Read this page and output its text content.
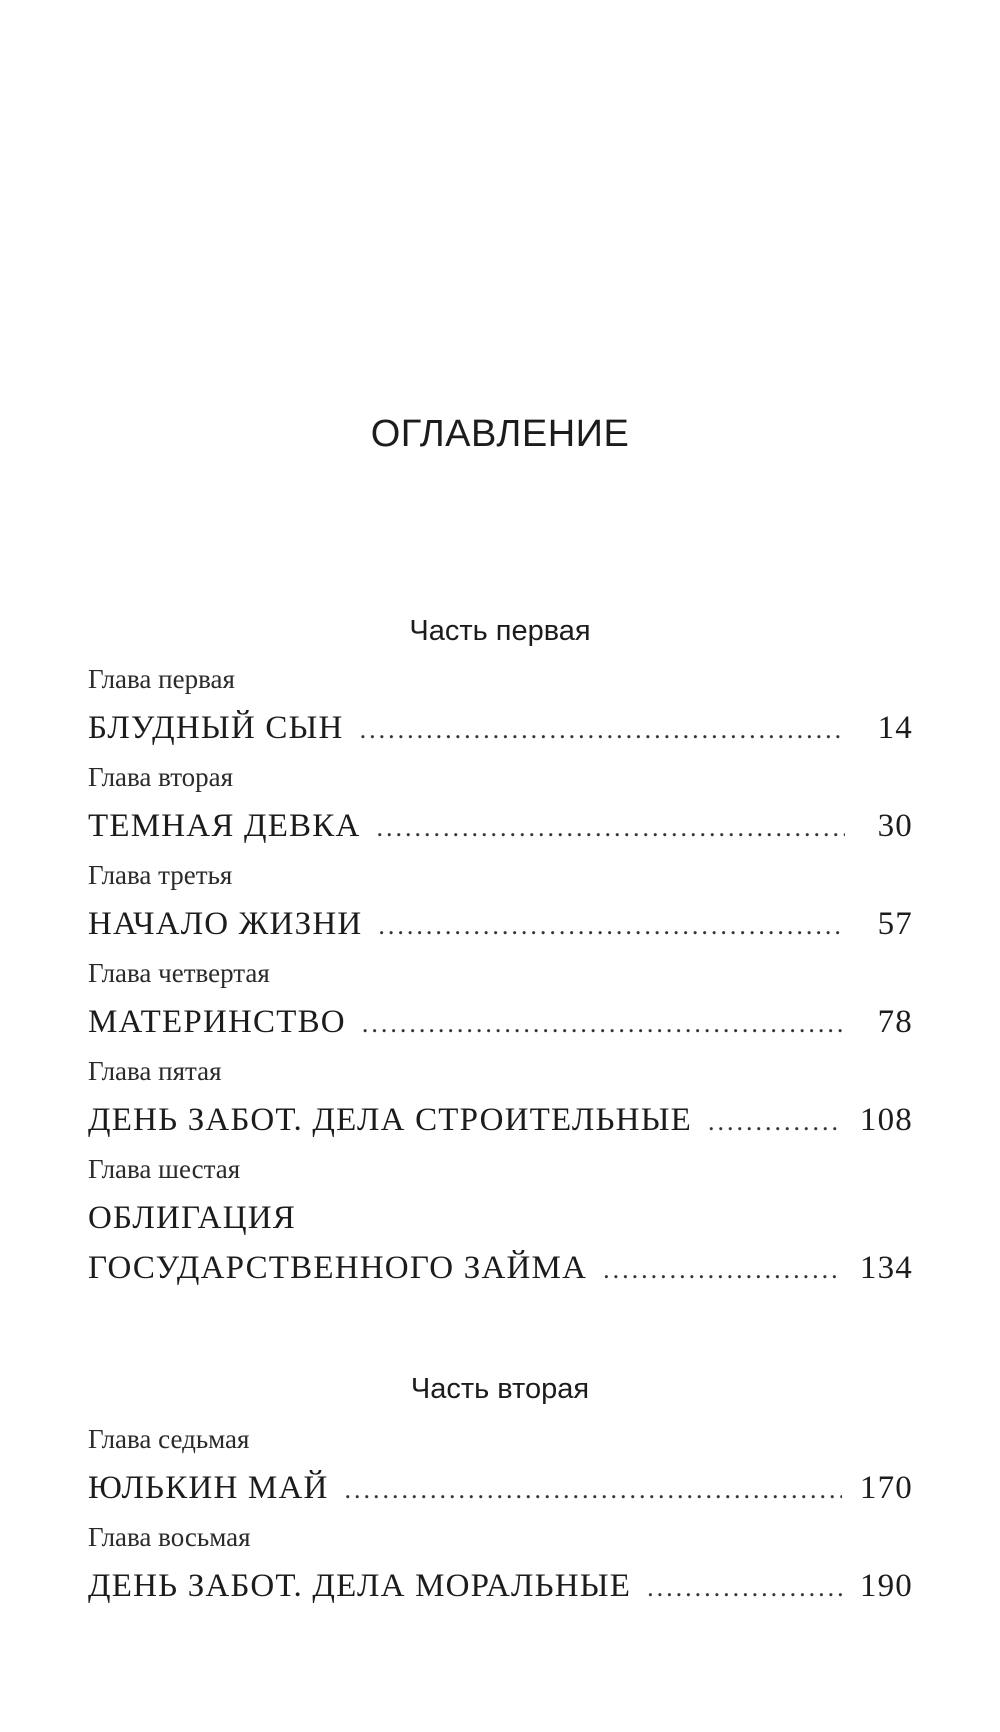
ОГЛАВЛЕНИЕ
Часть первая
Глава первая
БЛУДНЫЙ СЫН .....	14
Глава вторая
ТЕМНАЯ ДЕВКА .....	30
Глава третья
НАЧАЛО ЖИЗНИ .....	57
Глава четвертая
МАТЕРИНСТВО .....	78
Глава пятая
ДЕНЬ ЗАБОТ. ДЕЛА СТРОИТЕЛЬНЫЕ .....	108
Глава шестая
ОБЛИГАЦИЯ
ГОСУДАРСТВЕННОГО ЗАЙМА .....	134
Часть вторая
Глава седьмая
ЮЛЬКИН МАЙ .....	170
Глава восьмая
ДЕНЬ ЗАБОТ. ДЕЛА МОРАЛЬНЫЕ .....	190
